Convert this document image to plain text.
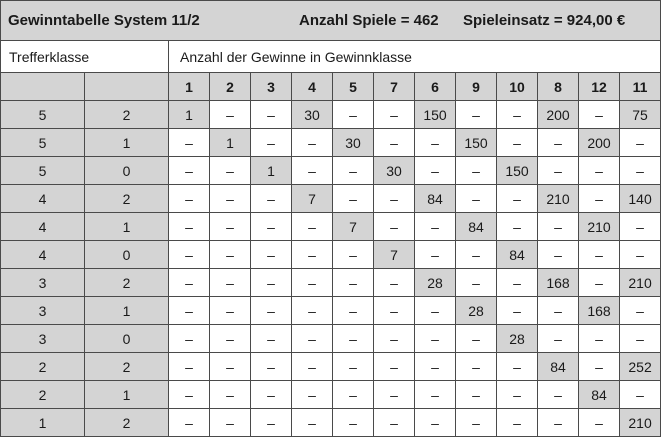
Gewinntabelle System 11/2 Anzahl Spiele = 462 Spieleinsatz = 924,00 €													

Trefferklasse		Anzahl der Gewinne in Gewinnklasse											
		1	2	3	4	5	7	6	9	10	8	12	11
5	2	1	–	–	30	–	–	150	–	–	200	–	75
5	1	–	1	–	–	30	–	–	150	–	–	200	–
5	0	–	–	1	–	–	30	–	–	150	–	–	–
4	2	–	–	–	7	–	–	84	–	–	210	–	140
4	1	–	–	–	–	7	–	–	84	–	–	210	–
4	0	–	–	–	–	–	7	–	–	84	–	–	–
3	2	–	–	–	–	–	–	28	–	–	168	–	210
3	1	–	–	–	–	–	–	–	28	–	–	168	–
3	0	–	–	–	–	–	–	–	–	28	–	–	–
2	2	–	–	–	–	–	–	–	–	–	84	–	252
2	1	–	–	–	–	–	–	–	–	–	–	84	–
1	2	–	–	–	–	–	–	–	–	–	–	–	210
